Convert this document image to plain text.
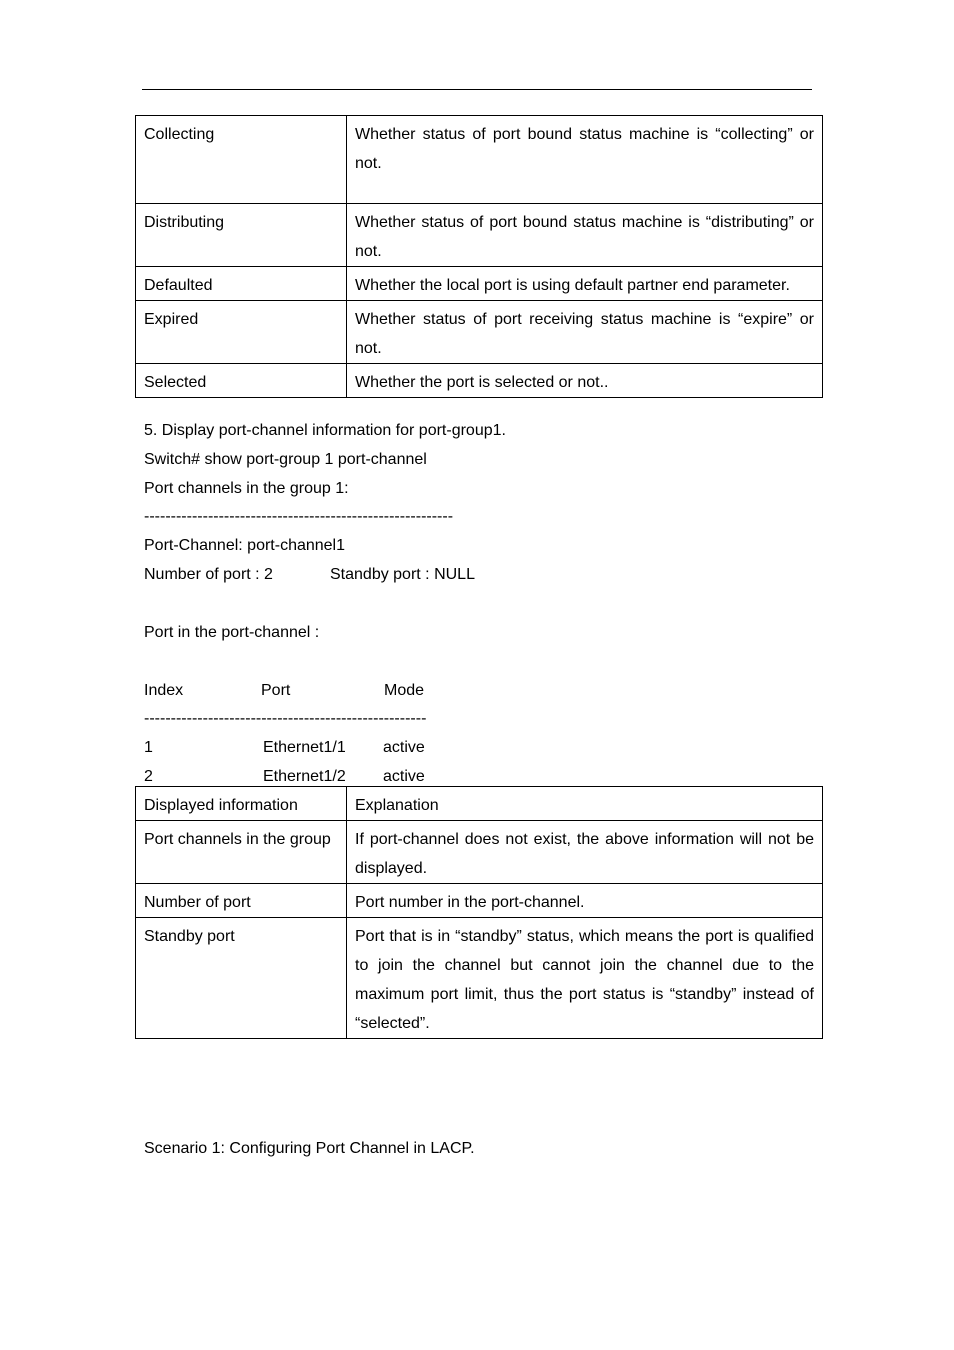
Collecting	Whether status of port bound status machine is “collecting” or not.
Distributing	Whether status of port bound status machine is “distributing” or not.
Defaulted	Whether the local port is using default partner end parameter.
Expired	Whether status of port receiving status machine is “expire” or not.
Selected	Whether the port is selected or not..
5. Display port-channel information for port-group1.
Switch# show port-group 1 port-channel
Port channels in the group 1:
----------------------------------------------------------
Port-Channel: port-channel1
Number of port : 2	Standby port : NULL
Port in the port-channel :
Index	Port	Mode
-----------------------------------------------------
1	Ethernet1/1 active
2	Ethernet1/2 active
Displayed information	Explanation
Port channels in the group	If port-channel does not exist, the above information will not be displayed.
Number of port	Port number in the port-channel.
Standby port	Port that is in “standby” status, which means the port is qualified to join the channel but cannot join the channel due to the maximum port limit, thus the port status is “standby” instead of “selected”.
Scenario 1: Configuring Port Channel in LACP.
